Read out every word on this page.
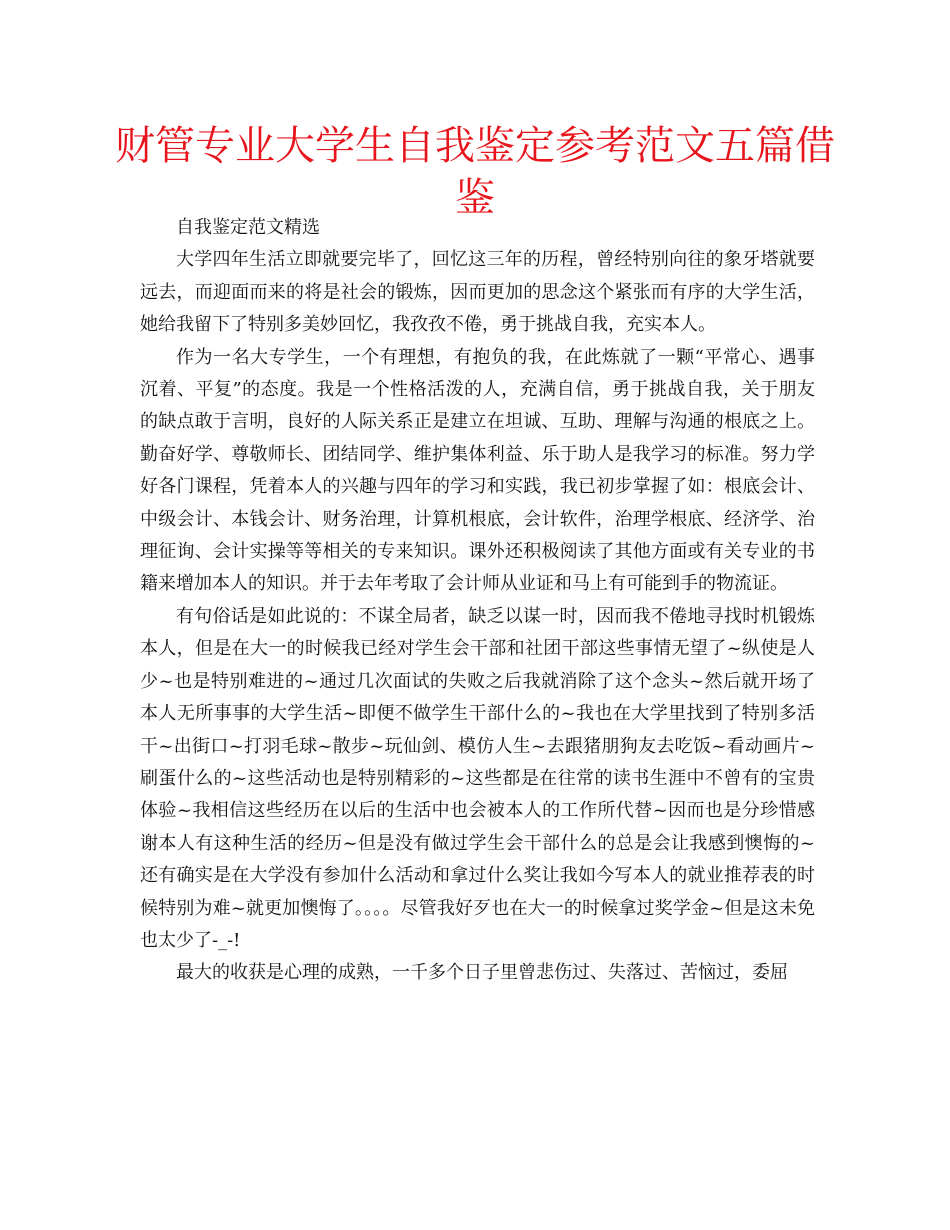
财管专业大学生自我鉴定参考范文五篇借鉴

自我鉴定范文精选

大学四年生活立即就要完毕了，回忆这三年的历程，曾经特别向往的象牙塔就要远去，而迎面而来的将是社会的锻炼，因而更加的思念这个紧张而有序的大学生活，她给我留下了特别多美妙回忆，我孜孜不倦，勇于挑战自我，充实本人。

作为一名大专学生，一个有理想，有抱负的我，在此炼就了一颗“平常心、遇事沉着、平复”的态度。我是一个性格活泼的人，充满自信，勇于挑战自我，关于朋友的缺点敢于言明，良好的人际关系正是建立在坦诚、互助、理解与沟通的根底之上。勤奋好学、尊敬师长、团结同学、维护集体利益、乐于助人是我学习的标准。努力学好各门课程，凭着本人的兴趣与四年的学习和实践，我已初步掌握了如：根底会计、中级会计、本钱会计、财务治理，计算机根底，会计软件，治理学根底、经济学、治理征询、会计实操等等相关的专来知识。课外还积极阅读了其他方面或有关专业的书籍来增加本人的知识。并于去年考取了会计师从业证和马上有可能到手的物流证。

有句俗话是如此说的：不谋全局者，缺乏以谋一时，因而我不倦地寻找时机锻炼本人，但是在大一的时候我已经对学生会干部和社团干部这些事情无望了~纵使是人少~也是特别难进的~通过几次面试的失败之后我就消除了这个念头~然后就开场了本人无所事事的大学生活~即便不做学生干部什么的~我也在大学里找到了特别多活干~出街口~打羽毛球~散步~玩仙剑、模仿人生~去跟猪朋狗友去吃饭~看动画片~刷蛋什么的~这些活动也是特别精彩的~这些都是在往常的读书生涯中不曾有的宝贵体验~我相信这些经历在以后的生活中也会被本人的工作所代替~因而也是分珍惜感谢本人有这种生活的经历~但是没有做过学生会干部什么的总是会让我感到懊悔的~还有确实是在大学没有参加什么活动和拿过什么奖让我如今写本人的就业推荐表的时候特别为难~就更加懊悔了。。。。尽管我好歹也在大一的时候拿过奖学金~但是这未免也太少了-_-!

最大的收获是心理的成熟，一千多个日子里曾悲伤过、失落过、苦恼过，委屈
